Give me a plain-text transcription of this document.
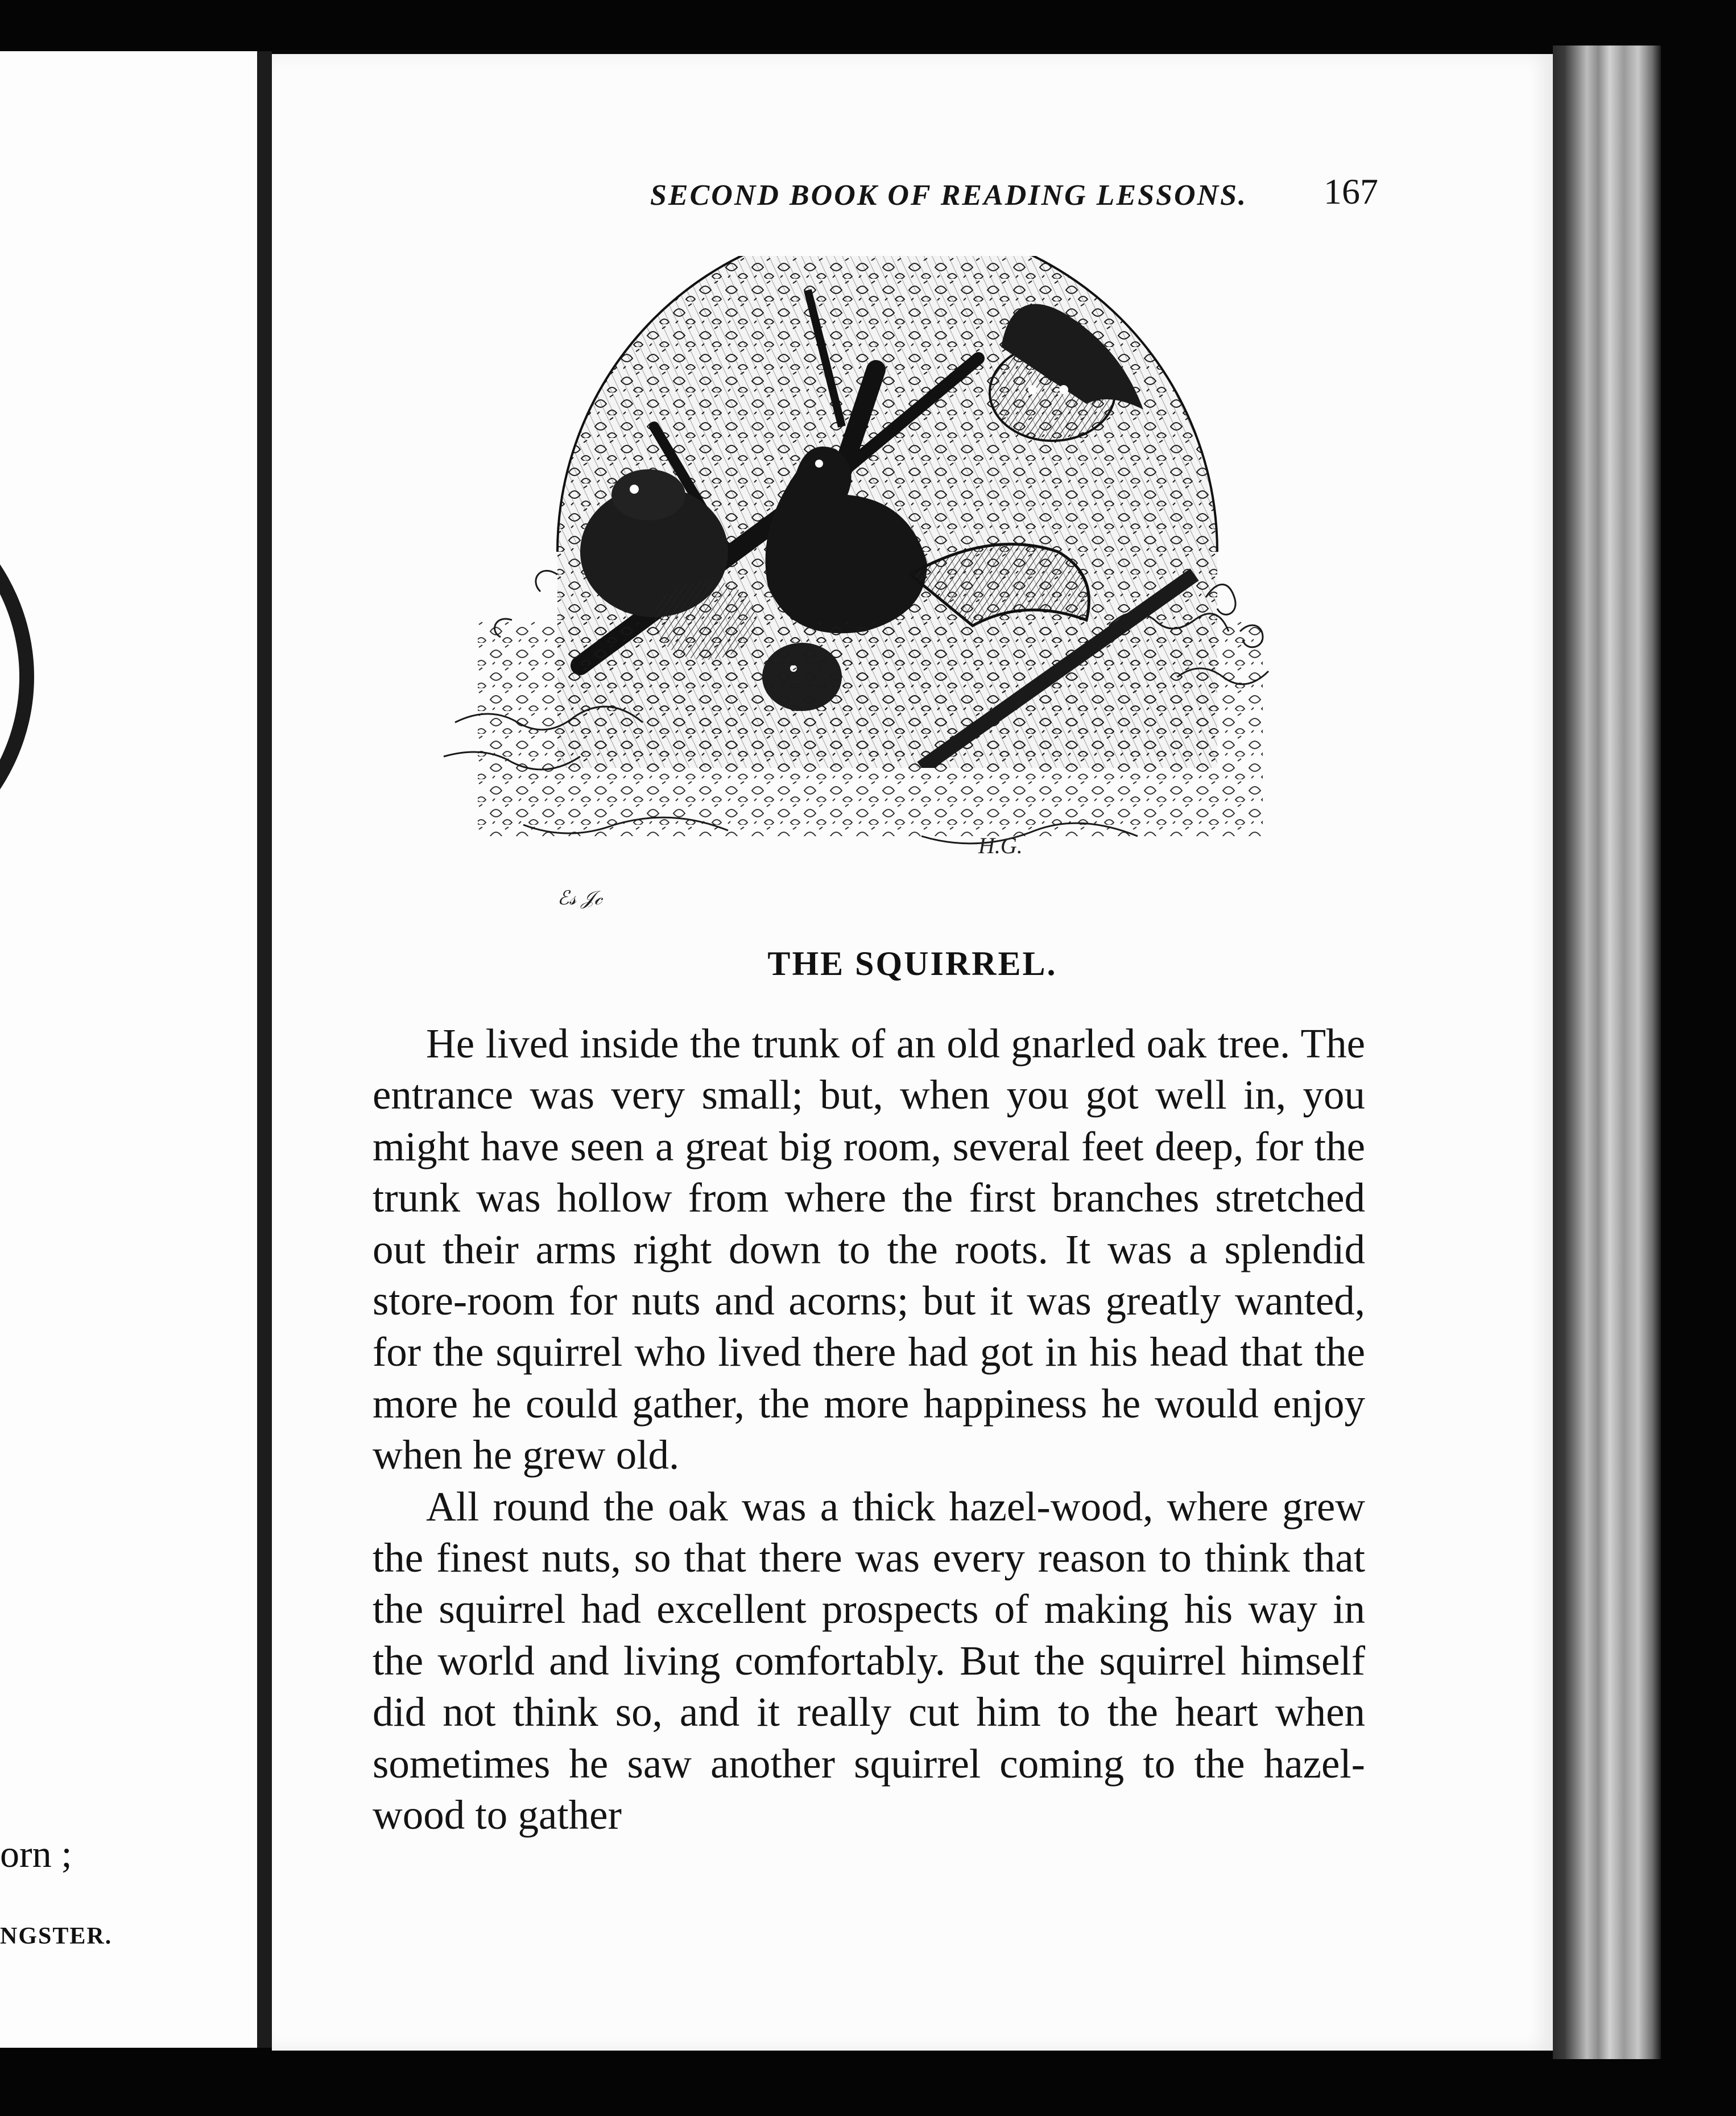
orn ;
NGSTER.
SECOND BOOK OF READING LESSONS. 167
ℰ𝓈 𝒥𝒸
H.G.
THE SQUIRREL.

He lived inside the trunk of an old gnarled oak tree. The entrance was very small; but, when you got well in, you might have seen a great big room, several feet deep, for the trunk was hollow from where the first branches stretched out their arms right down to the roots. It was a splendid store-room for nuts and acorns; but it was greatly wanted, for the squirrel who lived there had got in his head that the more he could gather, the more happiness he would enjoy when he grew old.

All round the oak was a thick hazel-wood, where grew the finest nuts, so that there was every reason to think that the squirrel had excellent prospects of making his way in the world and living comfortably. But the squirrel himself did not think so, and it really cut him to the heart when sometimes he saw another squirrel coming to the hazel-wood to gather
